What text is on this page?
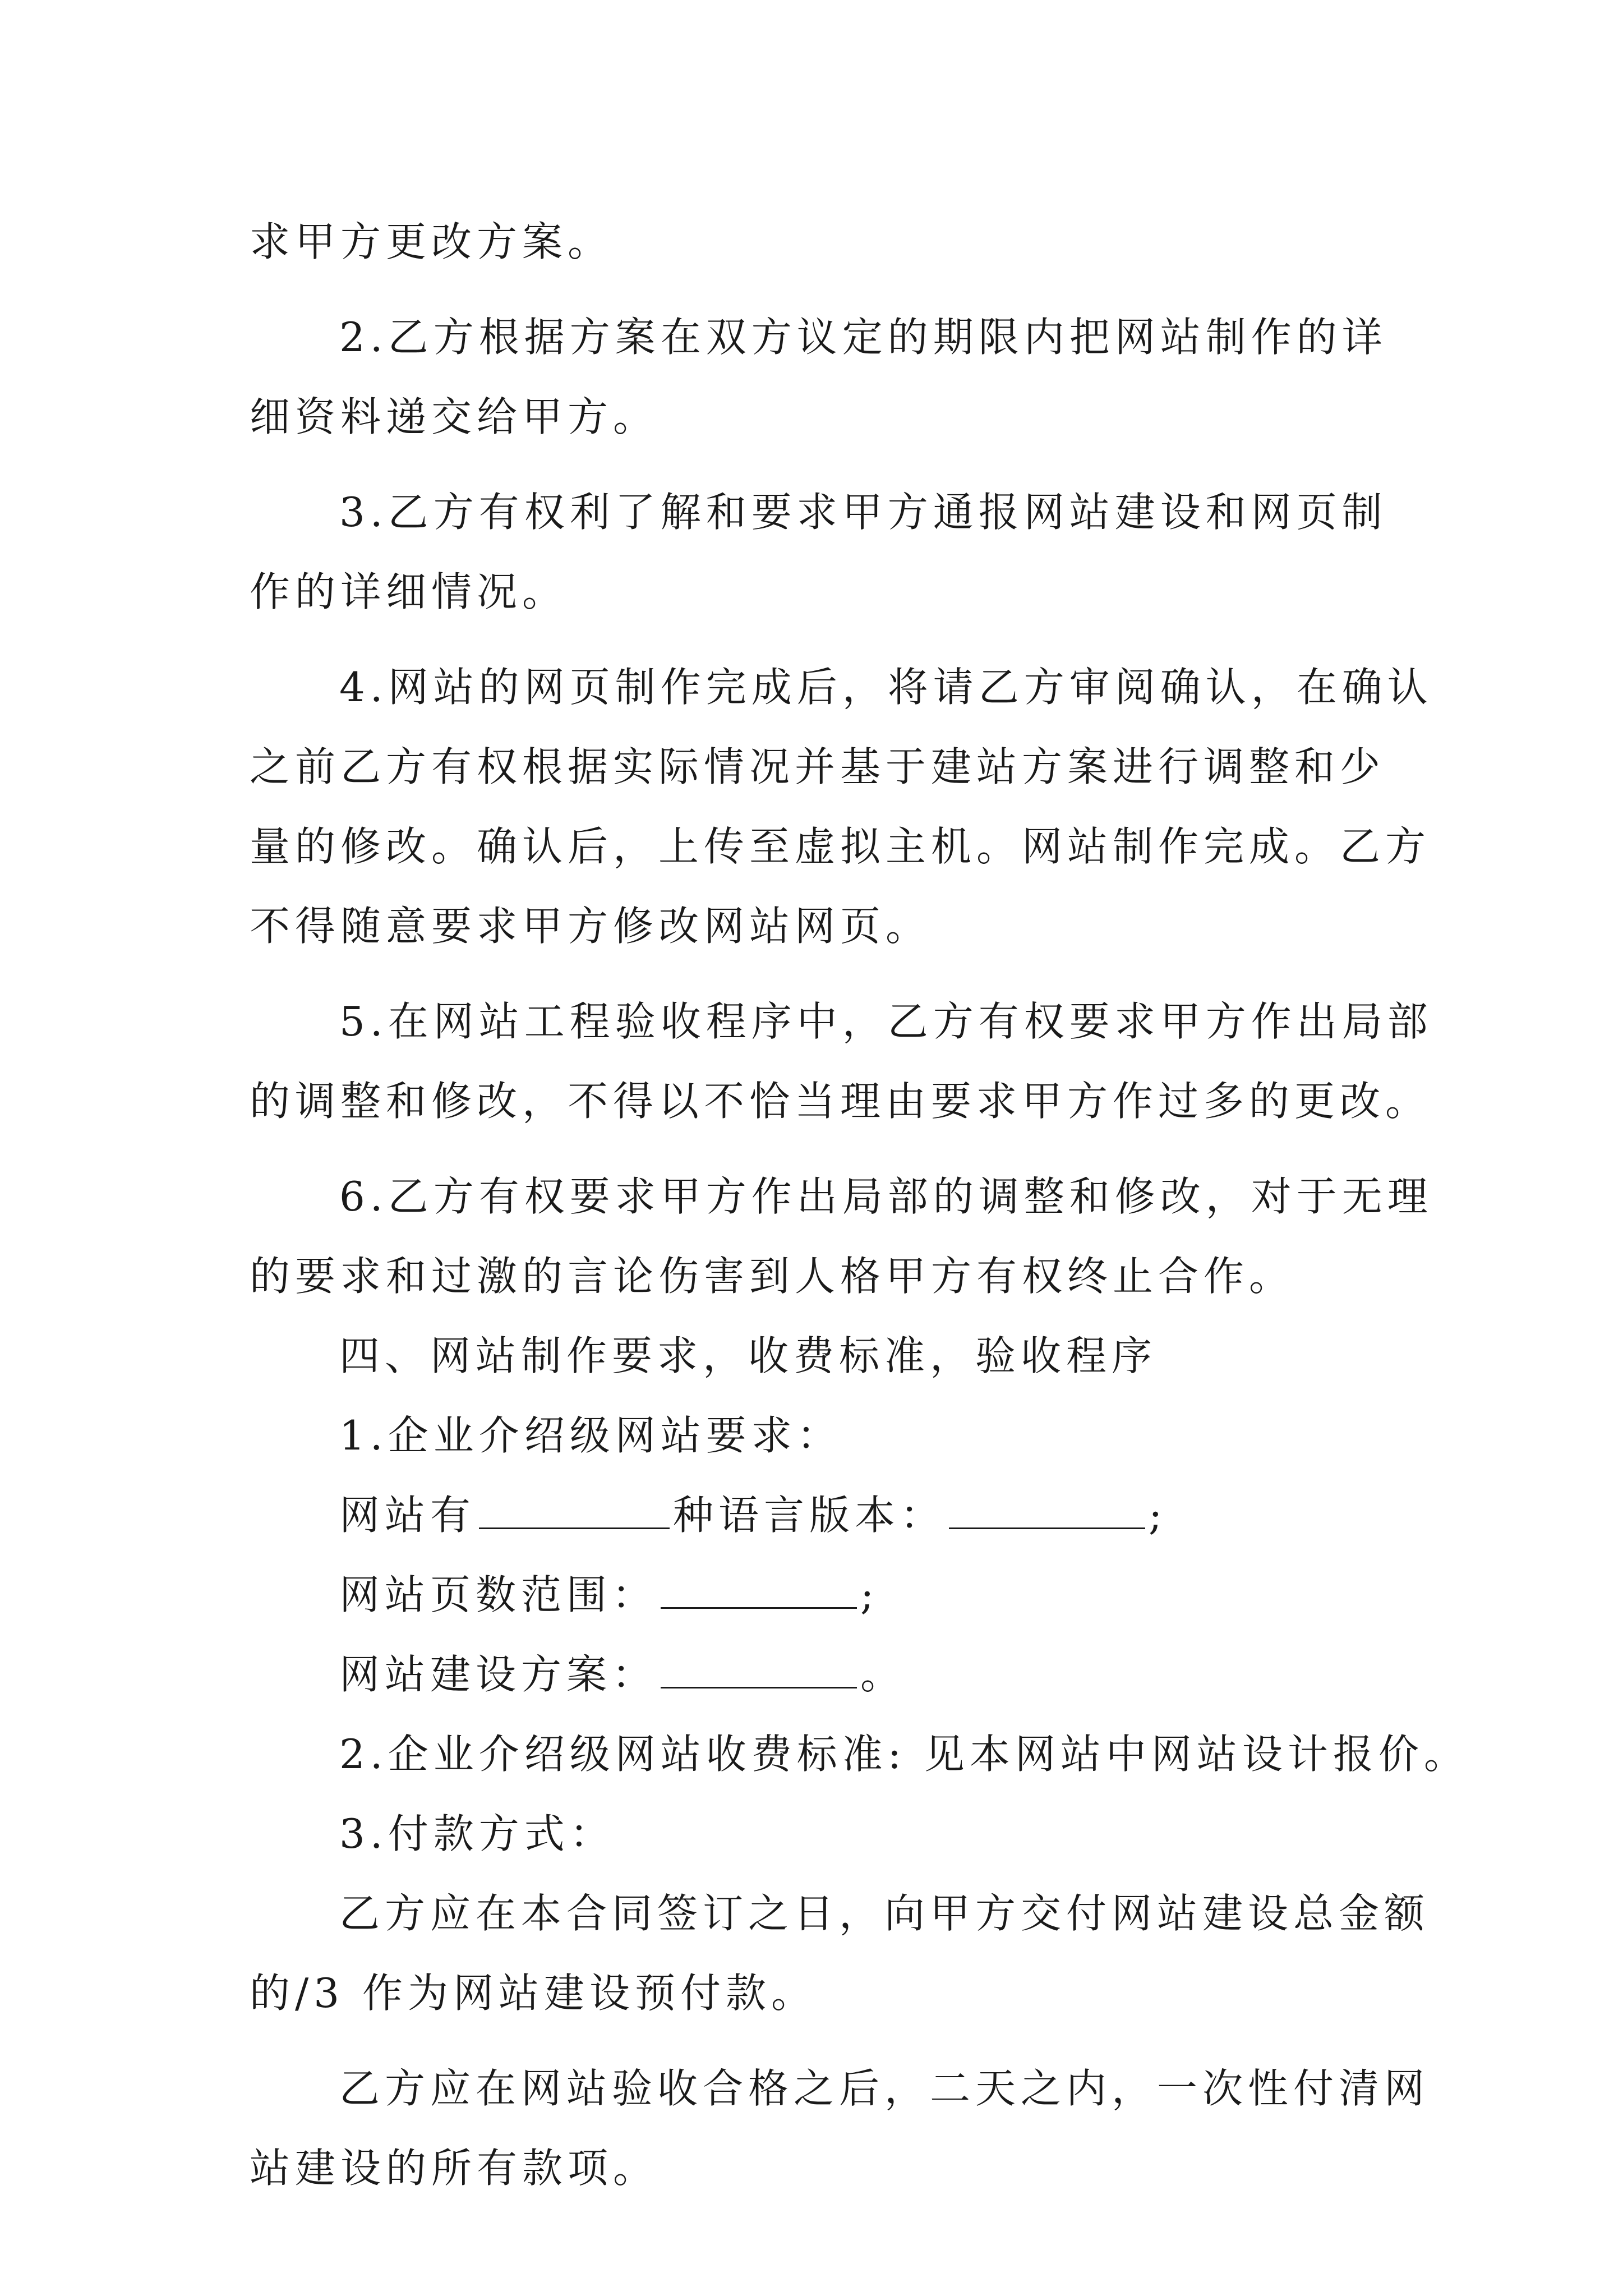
求甲方更改方案。
2.乙方根据方案在双方议定的期限内把网站制作的详
细资料递交给甲方。
3.乙方有权利了解和要求甲方通报网站建设和网页制
作的详细情况。
4.网站的网页制作完成后，将请乙方审阅确认，在确认
之前乙方有权根据实际情况并基于建站方案进行调整和少
量的修改。确认后，上传至虚拟主机。网站制作完成。乙方
不得随意要求甲方修改网站网页。
5.在网站工程验收程序中，乙方有权要求甲方作出局部
的调整和修改，不得以不恰当理由要求甲方作过多的更改。
6.乙方有权要求甲方作出局部的调整和修改，对于无理
的要求和过激的言论伤害到人格甲方有权终止合作。
四、网站制作要求，收费标准，验收程序
1.企业介绍级网站要求：
网站有	种语言版本：	;
网站页数范围：	;
网站建设方案：	。
2.企业介绍级网站收费标准: 见本网站中网站设计报价。
3.付款方式：
乙方应在本合同签订之日，向甲方交付网站建设总金额
的/3 作为网站建设预付款。
乙方应在网站验收合格之后，二天之内，一次性付清网
站建设的所有款项。
